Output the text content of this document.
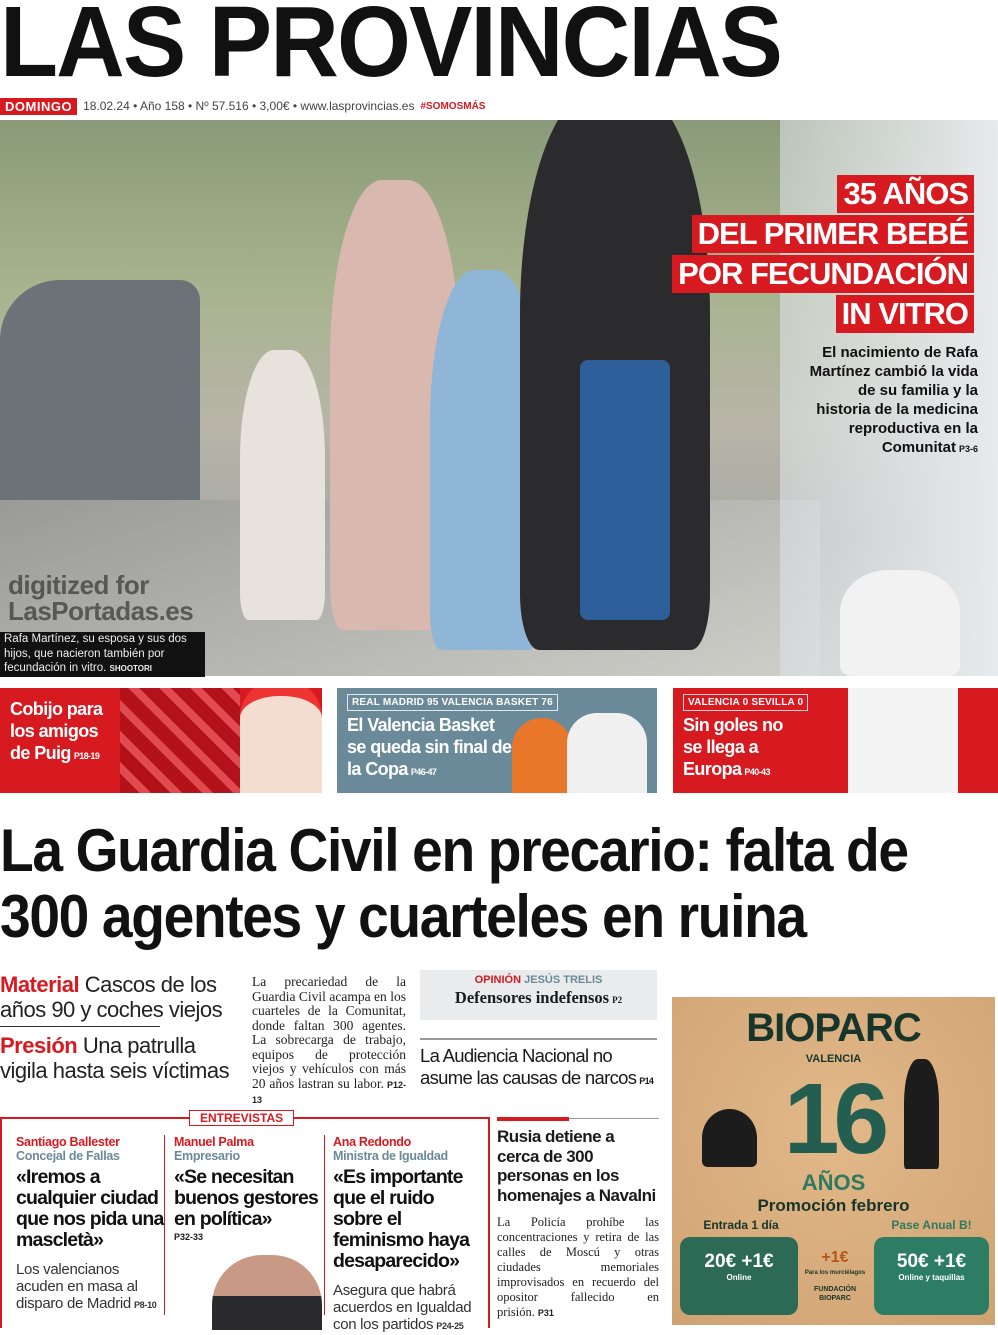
LAS PROVINCIAS
DOMINGO 18.02.24 • Año 158 • Nº 57.516 • 3,00€ • www.lasprovincias.es #SOMOSMÁS
35 AÑOS
DEL PRIMER BEBÉ
POR FECUNDACIÓN
IN VITRO
El nacimiento de Rafa Martínez cambió la vida de su familia y la historia de la medicina reproductiva en la Comunitat P3-6
Rafa Martínez, su esposa y sus dos hijos, que nacieron también por fecundación in vitro. SHOOTORI
digitized for
LasPortadas.es
Cobijo para los amigos de Puig P18-19
REAL MADRID 95 VALENCIA BASKET 76
El Valencia Basket se queda sin final de la Copa P46-47
VALENCIA 0 SEVILLA 0
Sin goles no se llega a Europa P40-43
La Guardia Civil en precario: falta de 300 agentes y cuarteles en ruina
Material Cascos de los años 90 y coches viejos
Presión Una patrulla vigila hasta seis víctimas
La precariedad de la Guardia Civil acampa en los cuarteles de la Comunitat, donde faltan 300 agentes. La sobrecarga de trabajo, equipos de protección viejos y vehículos con más 20 años lastran su labor. P12-13
OPINIÓN JESÚS TRELIS
Defensores indefensos P2
La Audiencia Nacional no asume las causas de narcos P14
BIOPARC
VALENCIA
16
AÑOS
Promoción febrero
Entrada 1 día	Pase Anual B!
20€ +1€
Online
+1€
Para los murciélagos
FUNDACIÓN BIOPARC
50€ +1€
Online y taquillas
ENTREVISTAS
Santiago Ballester
Concejal de Fallas
«Iremos a cualquier ciudad que nos pida una mascletà»
Los valencianos acuden en masa al disparo de Madrid P8-10
Manuel Palma
Empresario
«Se necesitan buenos gestores en política»
P32-33
Ana Redondo
Ministra de Igualdad
«Es importante que el ruido sobre el feminismo haya desaparecido»
Asegura que habrá acuerdos en Igualdad con los partidos P24-25
Rusia detiene a cerca de 300 personas en los homenajes a Navalni
La Policía prohíbe las concentraciones y retira de las calles de Moscú y otras ciudades memoriales improvisados en recuerdo del opositor fallecido en prisión. P31
